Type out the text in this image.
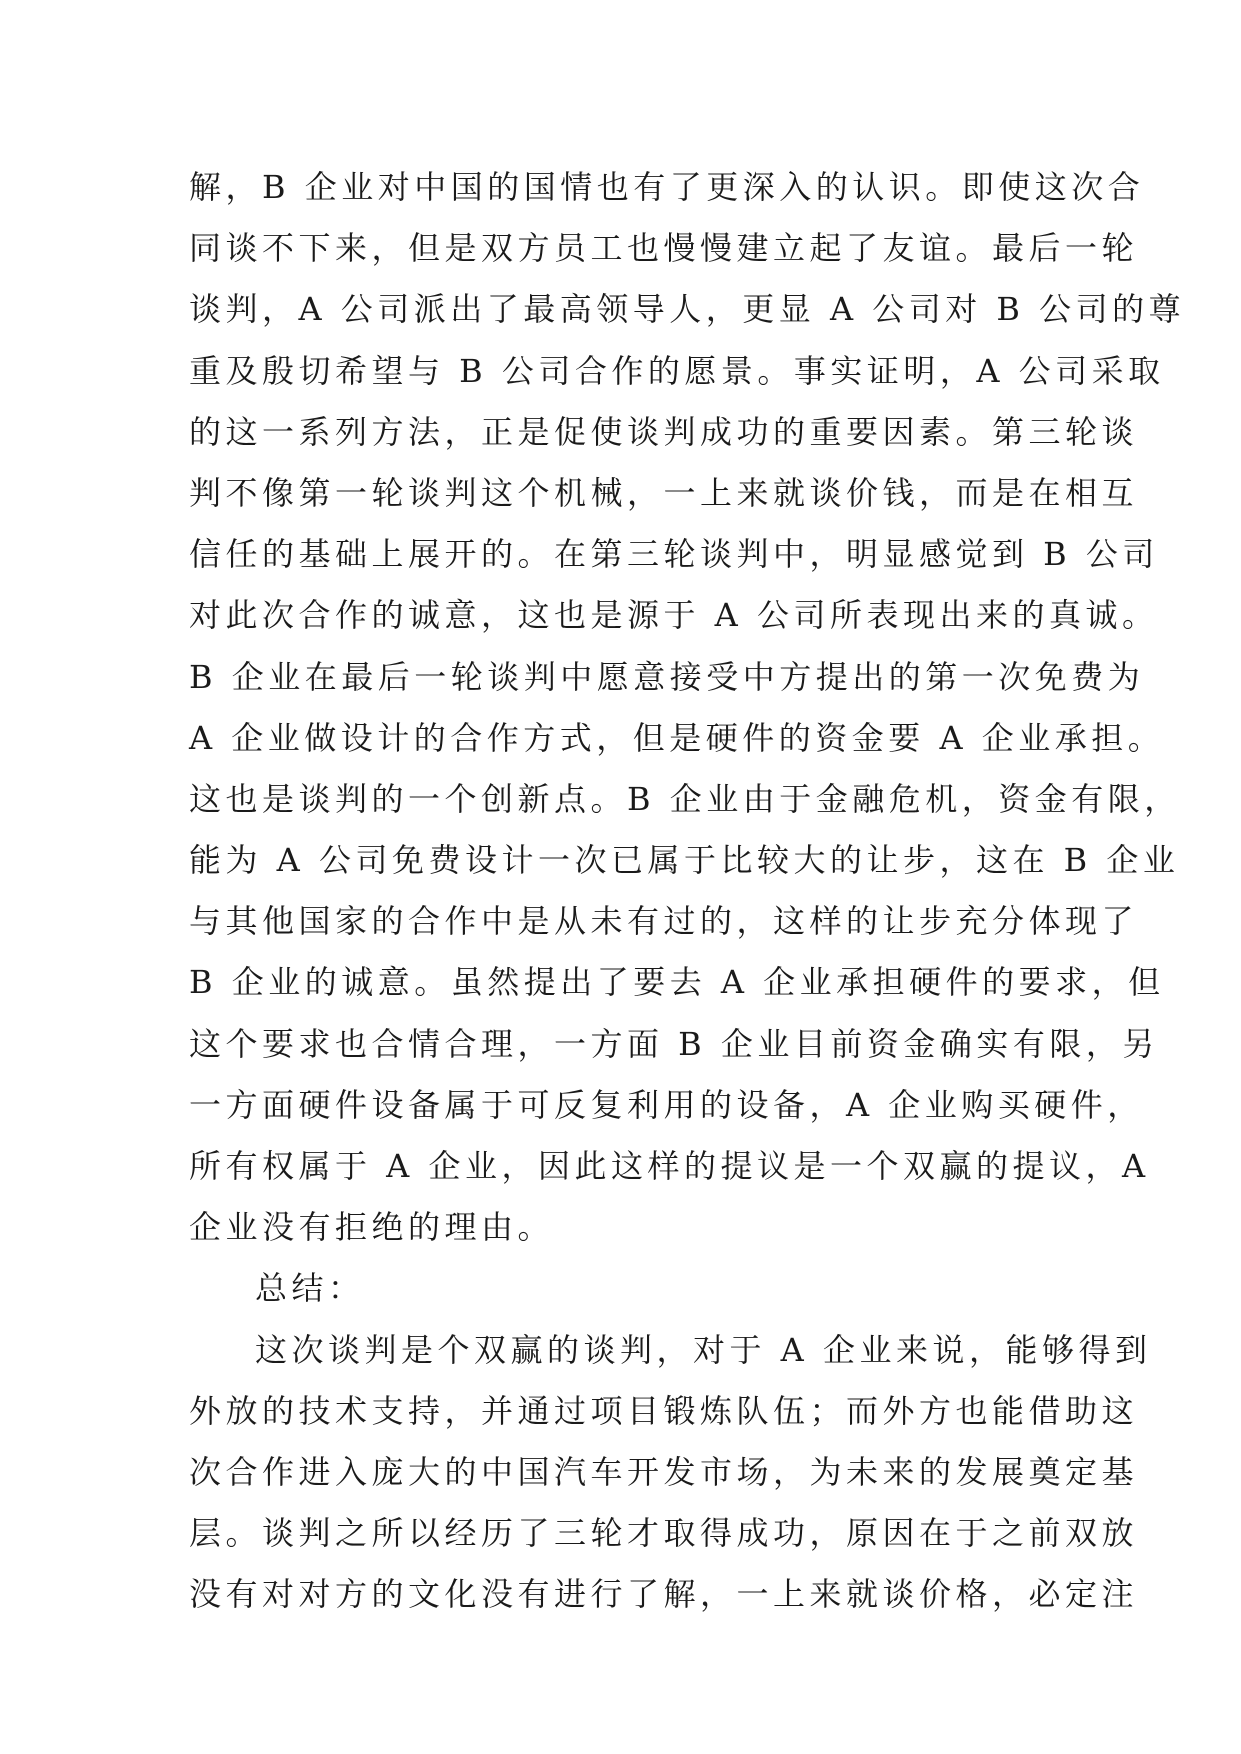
解，B 企业对中国的国情也有了更深入的认识。即使这次合
同谈不下来，但是双方员工也慢慢建立起了友谊。最后一轮
谈判，A 公司派出了最高领导人，更显 A 公司对 B 公司的尊
重及殷切希望与 B 公司合作的愿景。事实证明，A 公司采取
的这一系列方法，正是促使谈判成功的重要因素。第三轮谈
判不像第一轮谈判这个机械，一上来就谈价钱，而是在相互
信任的基础上展开的。在第三轮谈判中，明显感觉到 B 公司
对此次合作的诚意，这也是源于 A 公司所表现出来的真诚。
B 企业在最后一轮谈判中愿意接受中方提出的第一次免费为
A 企业做设计的合作方式，但是硬件的资金要 A 企业承担。
这也是谈判的一个创新点。B 企业由于金融危机，资金有限，
能为 A 公司免费设计一次已属于比较大的让步，这在 B 企业
与其他国家的合作中是从未有过的，这样的让步充分体现了
B 企业的诚意。虽然提出了要去 A 企业承担硬件的要求，但
这个要求也合情合理，一方面 B 企业目前资金确实有限，另
一方面硬件设备属于可反复利用的设备，A 企业购买硬件，
所有权属于 A 企业，因此这样的提议是一个双赢的提议，A
企业没有拒绝的理由。
总结：
这次谈判是个双赢的谈判，对于 A 企业来说，能够得到
外放的技术支持，并通过项目锻炼队伍；而外方也能借助这
次合作进入庞大的中国汽车开发市场，为未来的发展奠定基
层。谈判之所以经历了三轮才取得成功，原因在于之前双放
没有对对方的文化没有进行了解，一上来就谈价格，必定注
